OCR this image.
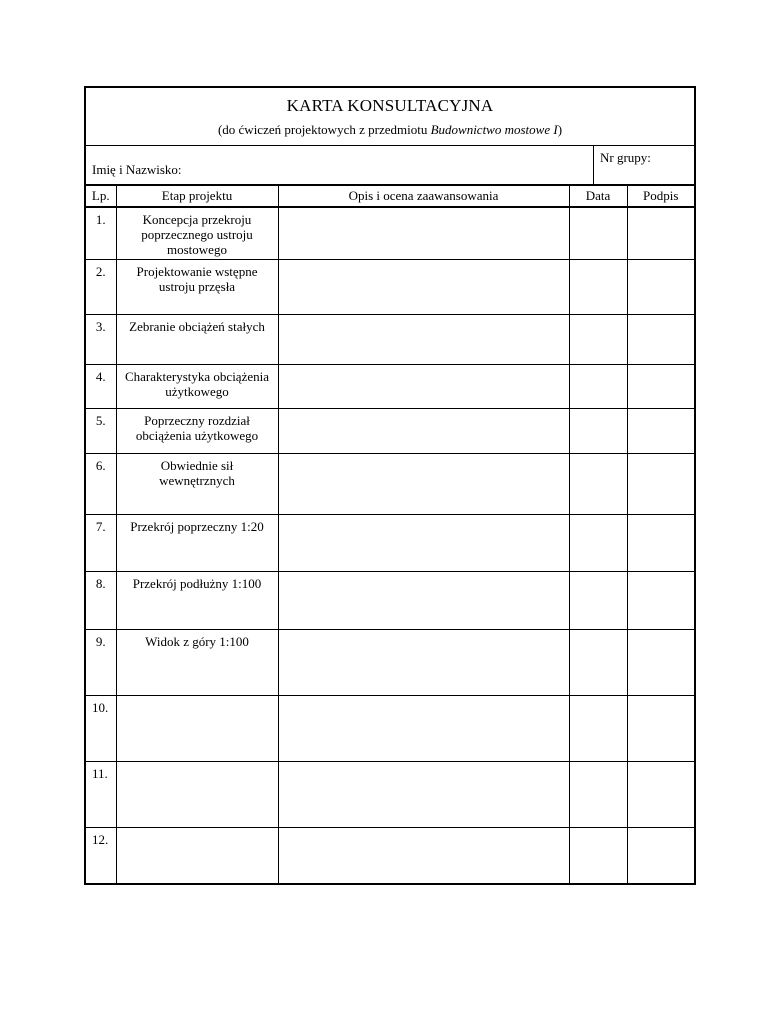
KARTA KONSULTACYJNA
(do ćwiczeń projektowych z przedmiotu Budownictwo mostowe I)
Imię i Nazwisko:
Nr grupy:
Lp.	Etap projektu	Opis i ocena zaawansowania	Data	Podpis
1.	Koncepcja przekroju poprzecznego ustroju mostowego			
2.	Projektowanie wstępne ustroju przęsła			
3.	Zebranie obciążeń stałych			
4.	Charakterystyka obciążenia użytkowego			
5.	Poprzeczny rozdział obciążenia użytkowego			
6.	Obwiednie sił wewnętrznych			
7.	Przekrój poprzeczny 1:20			
8.	Przekrój podłużny 1:100			
9.	Widok z góry 1:100			
10.				
11.				
12.				
